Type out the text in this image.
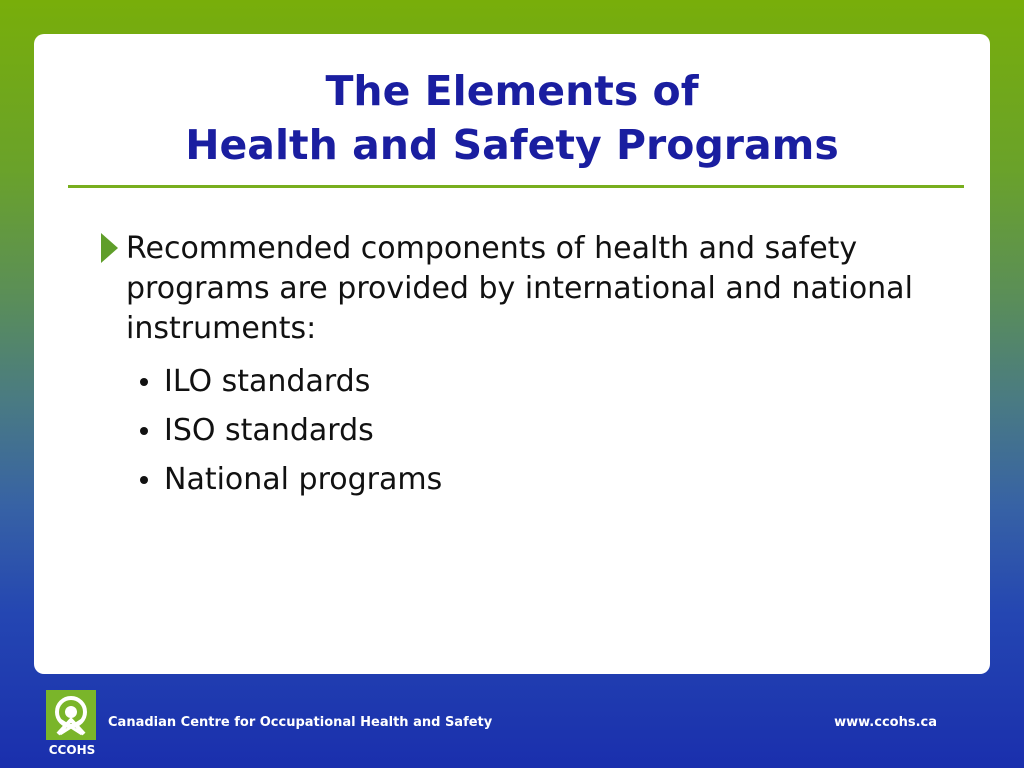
The Elements of
Health and Safety Programs
Recommended components of health and safety programs are provided by international and national instruments:
ILO standards
ISO standards
National programs
CCOHS
Canadian Centre for Occupational Health and Safety	www.ccohs.ca
